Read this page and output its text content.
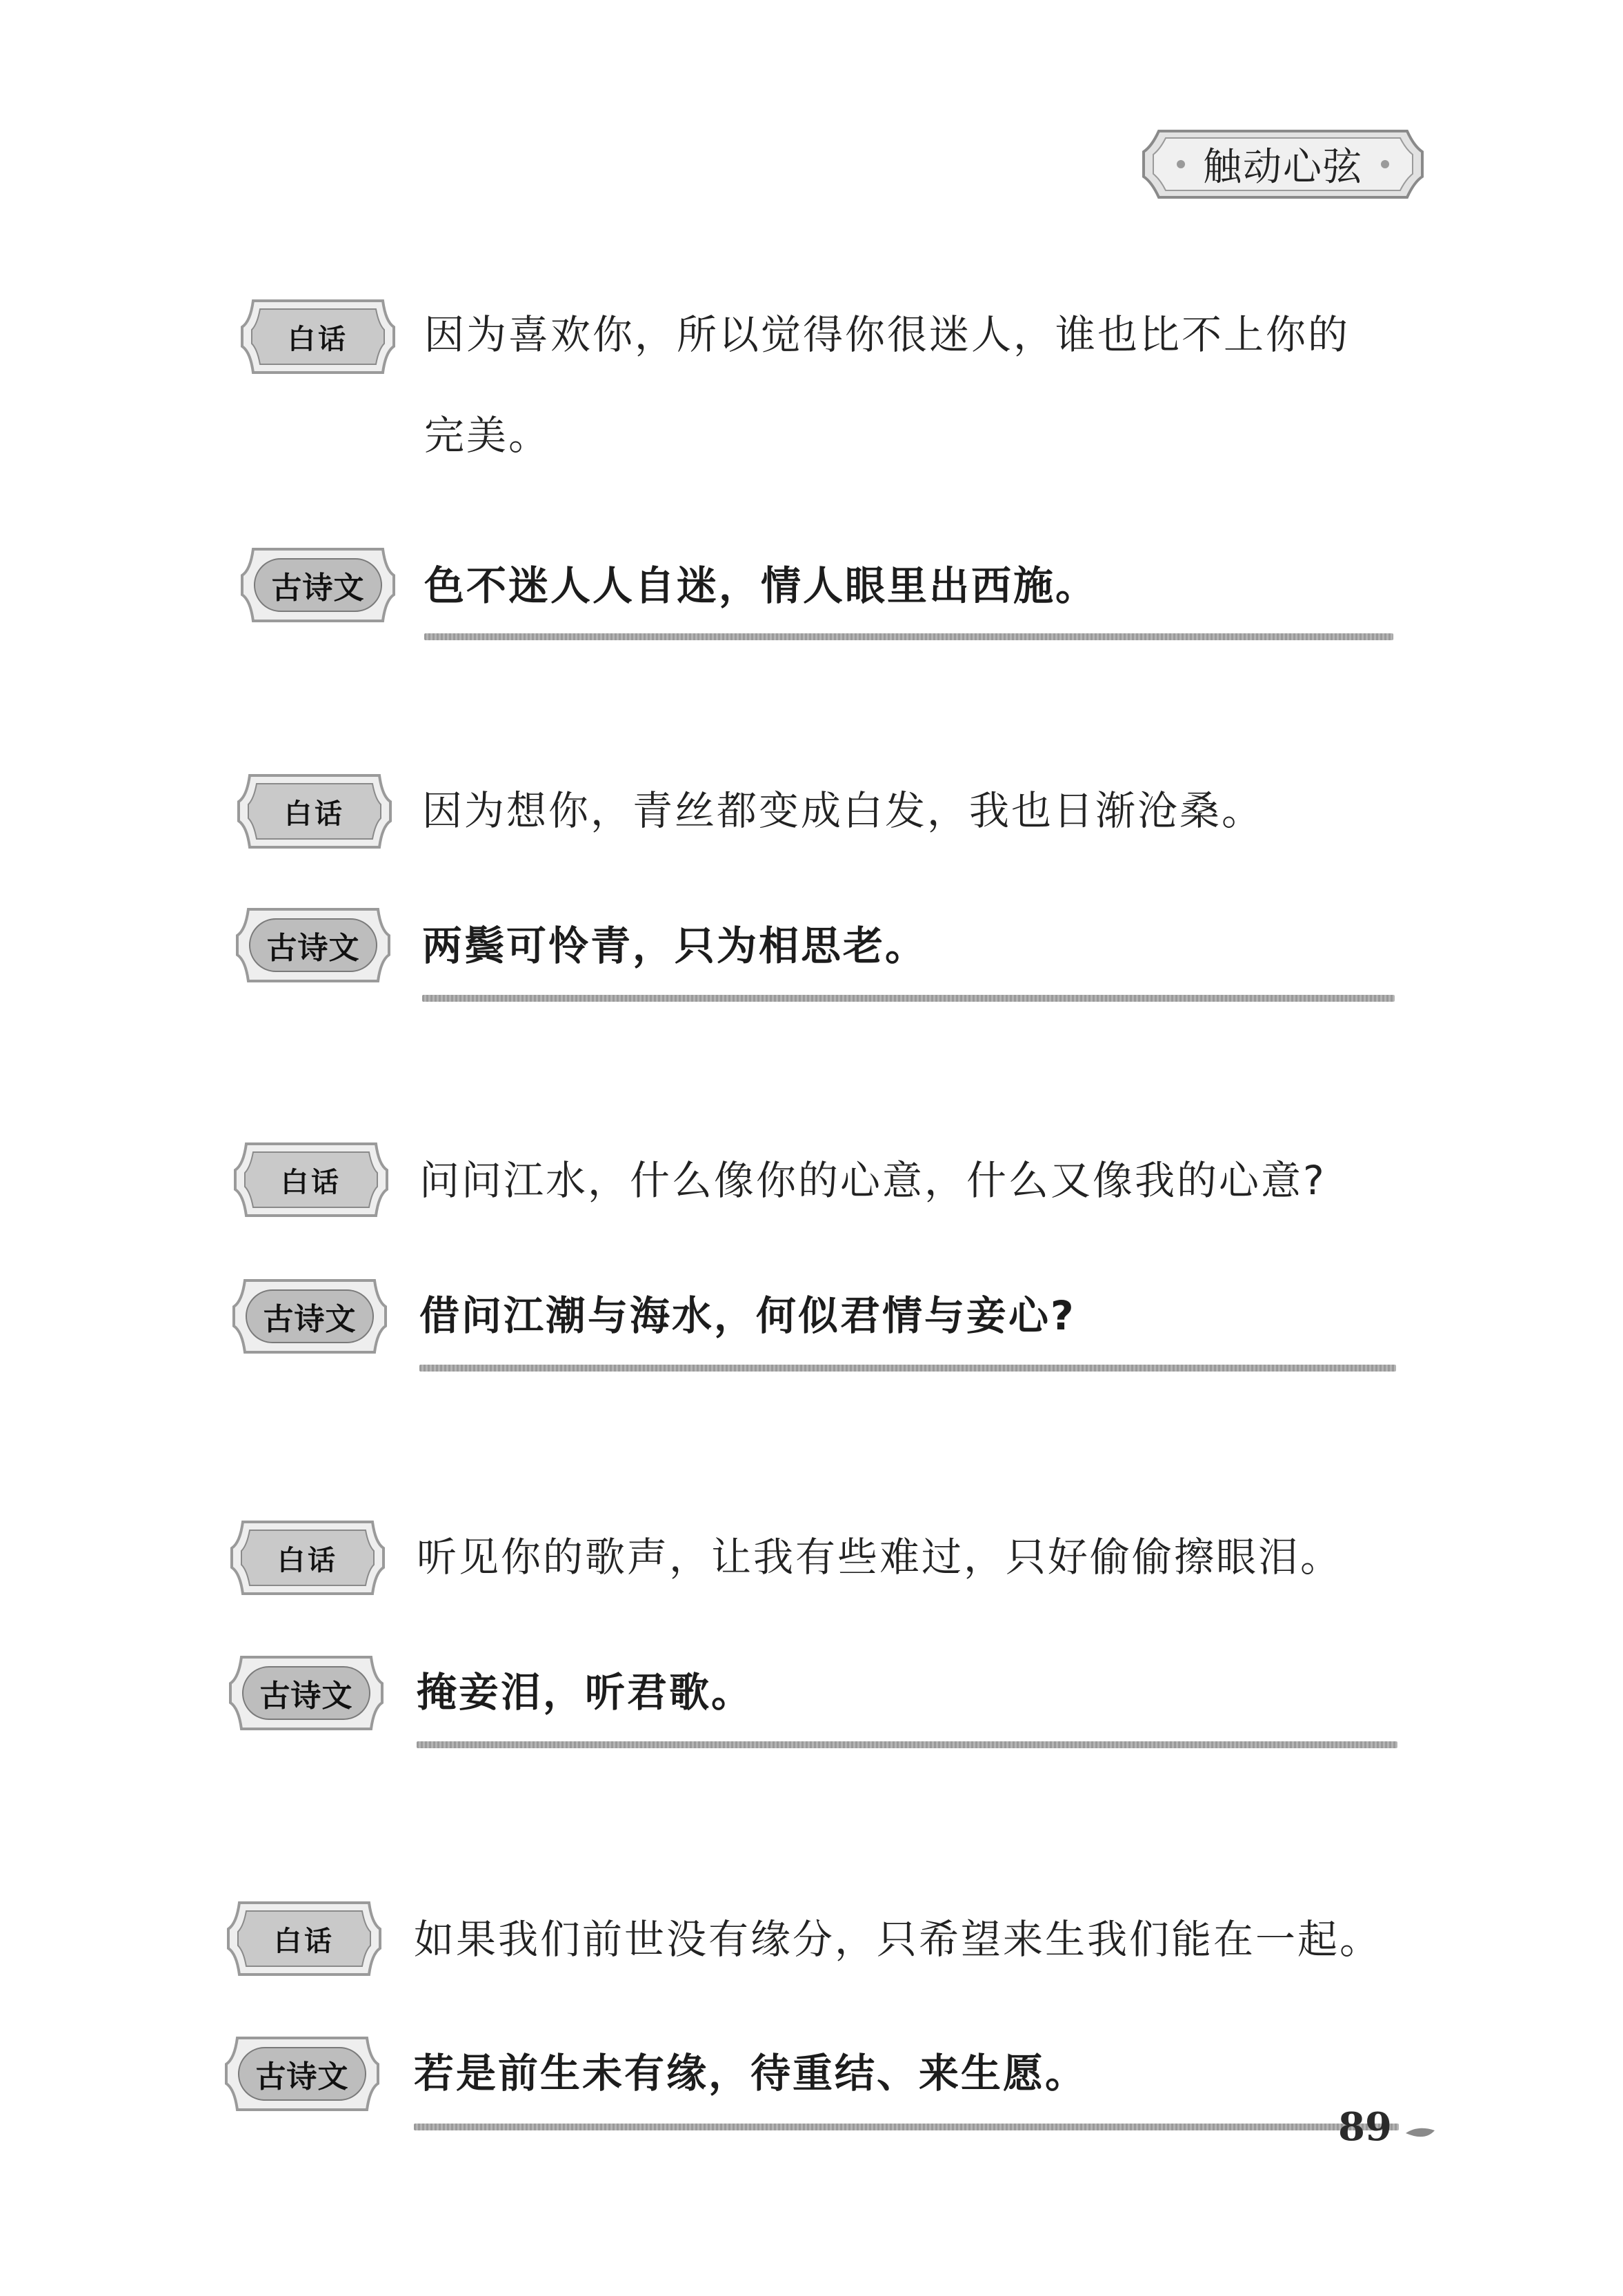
触动心弦
白话	因为喜欢你，所以觉得你很迷人，谁也比不上你的
完美。
古诗文	色不迷人人自迷，情人眼里出西施。
白话	因为想你，青丝都变成白发，我也日渐沧桑。
古诗文	两鬓可怜青，只为相思老。
白话	问问江水，什么像你的心意，什么又像我的心意?
古诗文	借问江潮与海水，何似君情与妾心?
白话	听见你的歌声，让我有些难过，只好偷偷擦眼泪。
古诗文	掩妾泪，听君歌。
白话	如果我们前世没有缘分，只希望来生我们能在一起。
古诗文	若是前生未有缘，待重结、来生愿。
89
